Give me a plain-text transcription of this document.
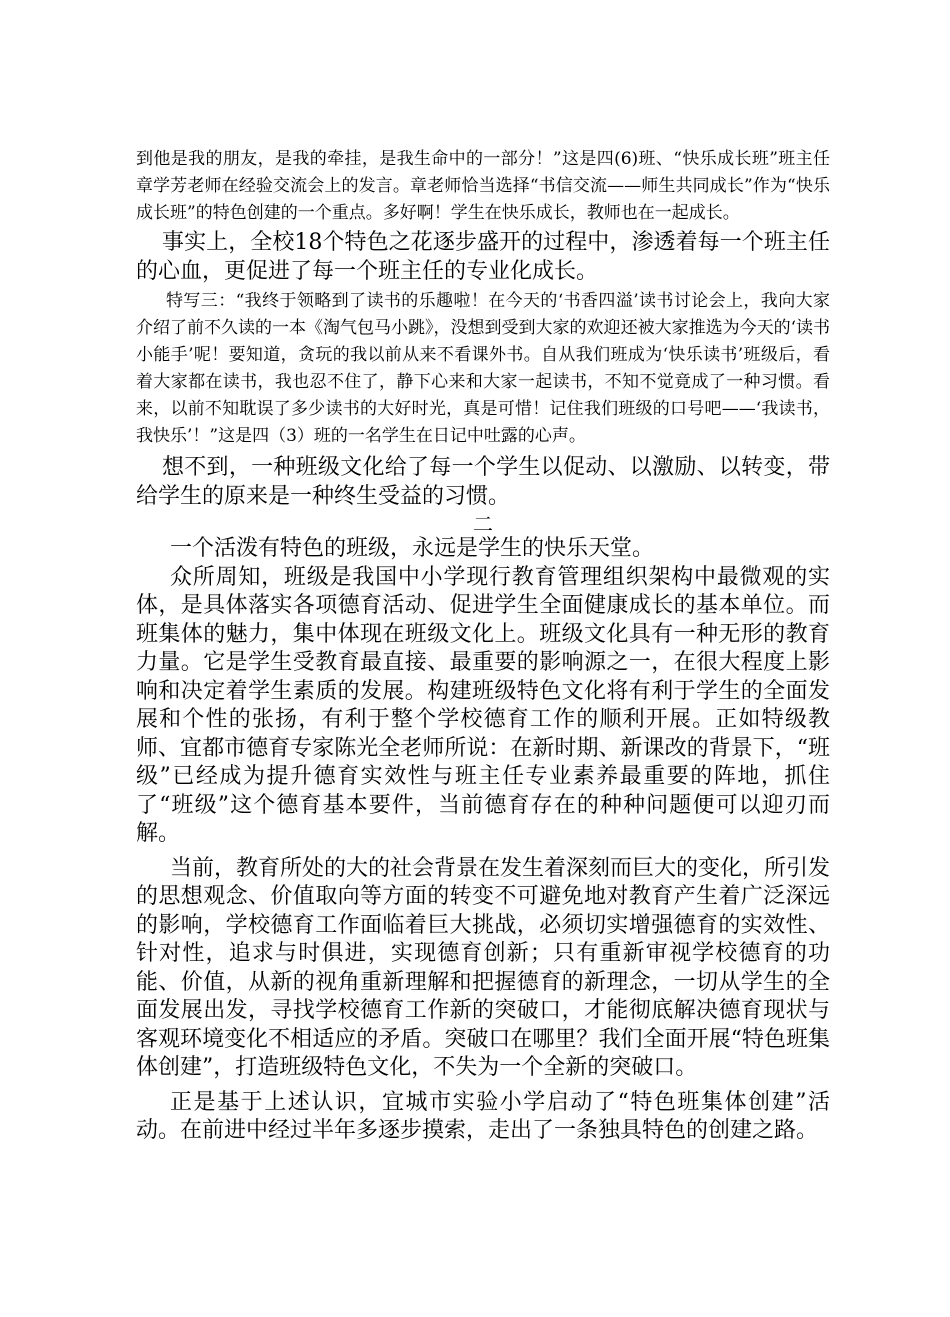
到他是我的朋友，是我的牵挂，是我生命中的一部分！”这是四(6)班、“快乐成长班”班主任章学芳老师在经验交流会上的发言。章老师恰当选择“书信交流——师生共同成长”作为“快乐成长班”的特色创建的一个重点。多好啊！学生在快乐成长，教师也在一起成长。

事实上，全校18个特色之花逐步盛开的过程中，渗透着每一个班主任的心血，更促进了每一个班主任的专业化成长。

特写三：“我终于领略到了读书的乐趣啦！在今天的‘书香四溢’读书讨论会上，我向大家介绍了前不久读的一本《淘气包马小跳》，没想到受到大家的欢迎还被大家推选为今天的‘读书小能手’呢！要知道，贪玩的我以前从来不看课外书。自从我们班成为‘快乐读书’班级后，看着大家都在读书，我也忍不住了，静下心来和大家一起读书，不知不觉竟成了一种习惯。看来，以前不知耽误了多少读书的大好时光，真是可惜！记住我们班级的口号吧——‘我读书，我快乐’！”这是四（3）班的一名学生在日记中吐露的心声。

想不到，一种班级文化给了每一个学生以促动、以激励、以转变，带给学生的原来是一种终生受益的习惯。

二

一个活泼有特色的班级，永远是学生的快乐天堂。

众所周知，班级是我国中小学现行教育管理组织架构中最微观的实体，是具体落实各项德育活动、促进学生全面健康成长的基本单位。而班集体的魅力，集中体现在班级文化上。班级文化具有一种无形的教育力量。它是学生受教育最直接、最重要的影响源之一，在很大程度上影响和决定着学生素质的发展。构建班级特色文化将有利于学生的全面发展和个性的张扬，有利于整个学校德育工作的顺利开展。正如特级教师、宜都市德育专家陈光全老师所说：在新时期、新课改的背景下，“班级”已经成为提升德育实效性与班主任专业素养最重要的阵地，抓住了“班级”这个德育基本要件，当前德育存在的种种问题便可以迎刃而解。

当前，教育所处的大的社会背景在发生着深刻而巨大的变化，所引发的思想观念、价值取向等方面的转变不可避免地对教育产生着广泛深远的影响，学校德育工作面临着巨大挑战，必须切实增强德育的实效性、针对性，追求与时俱进，实现德育创新；只有重新审视学校德育的功能、价值，从新的视角重新理解和把握德育的新理念，一切从学生的全面发展出发，寻找学校德育工作新的突破口，才能彻底解决德育现状与客观环境变化不相适应的矛盾。突破口在哪里？我们全面开展“特色班集体创建”，打造班级特色文化，不失为一个全新的突破口。

正是基于上述认识，宜城市实验小学启动了“特色班集体创建”活动。在前进中经过半年多逐步摸索，走出了一条独具特色的创建之路。
